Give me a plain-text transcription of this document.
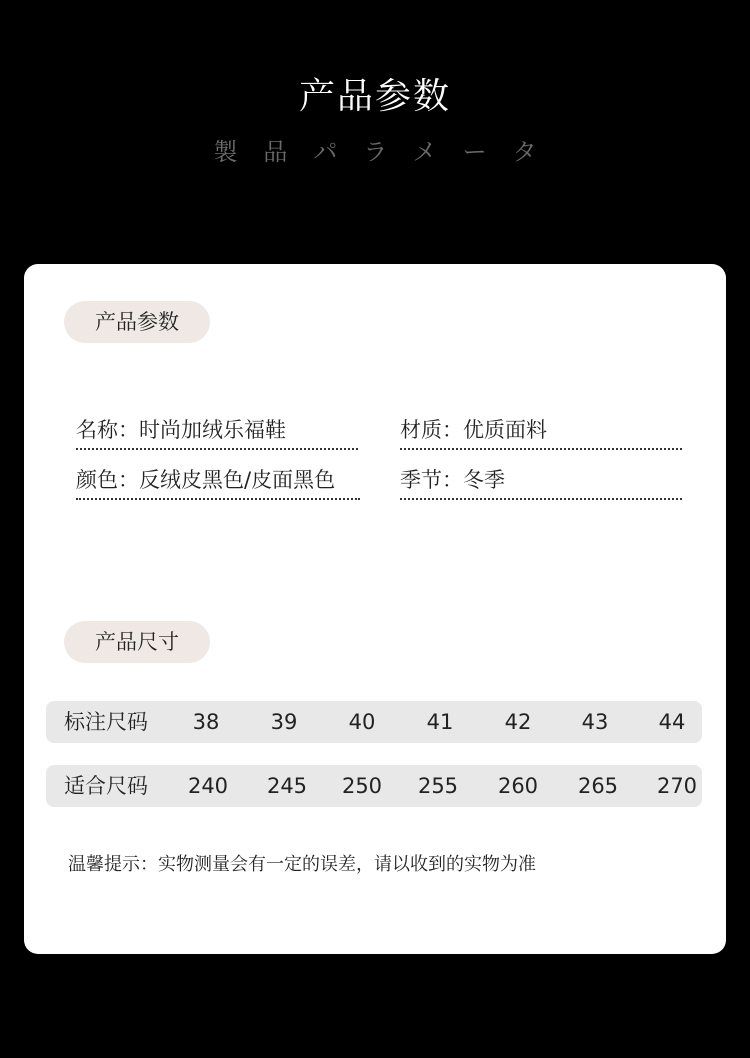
产品参数
製品パラメータ
产品参数
名称：时尚加绒乐福鞋	材质：优质面料
颜色：反绒皮黑色/皮面黑色	季节：冬季
产品尺寸
标注尺码	38	39	40	41	42	43	44
适合尺码	240	245	250	255	260	265	270
温馨提示：实物测量会有一定的误差，请以收到的实物为准
